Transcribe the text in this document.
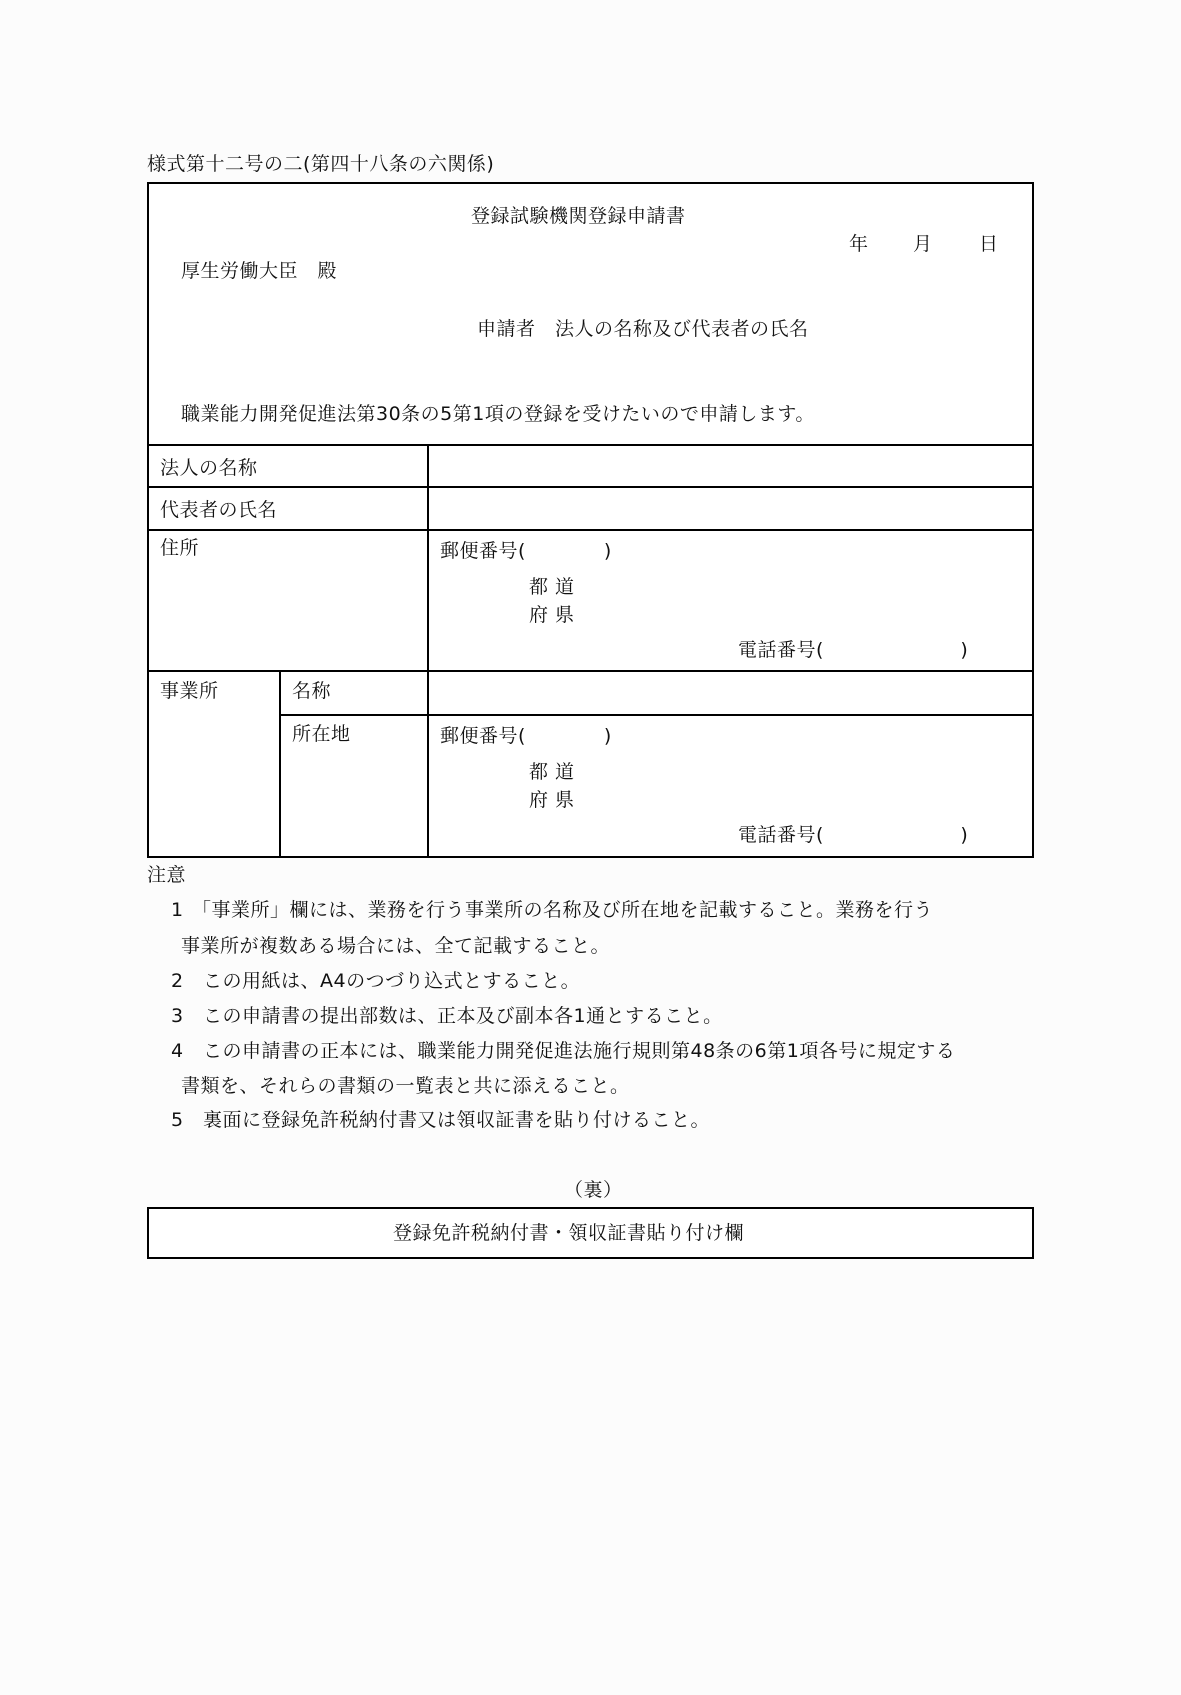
様式第十二号の二(第四十八条の六関係)
登録試験機関登録申請書
年 月 日
厚生労働大臣　殿
申請者　法人の名称及び代表者の氏名
職業能力開発促進法第30条の5第1項の登録を受けたいので申請します。
法人の名称
代表者の氏名
住所	郵便番号(　　　　)
都 道
府 県
電話番号(　　　　　　　)
事業所	名称
所在地	郵便番号(　　　　)
都 道
府 県
電話番号(　　　　　　　)
注意
1 「事業所」欄には、業務を行う事業所の名称及び所在地を記載すること。業務を行う
事業所が複数ある場合には、全て記載すること。
2 この用紙は、A4のつづり込式とすること。
3 この申請書の提出部数は、正本及び副本各1通とすること。
4 この申請書の正本には、職業能力開発促進法施行規則第48条の6第1項各号に規定する
書類を、それらの書類の一覧表と共に添えること。
5 裏面に登録免許税納付書又は領収証書を貼り付けること。
（裏）
登録免許税納付書・領収証書貼り付け欄
